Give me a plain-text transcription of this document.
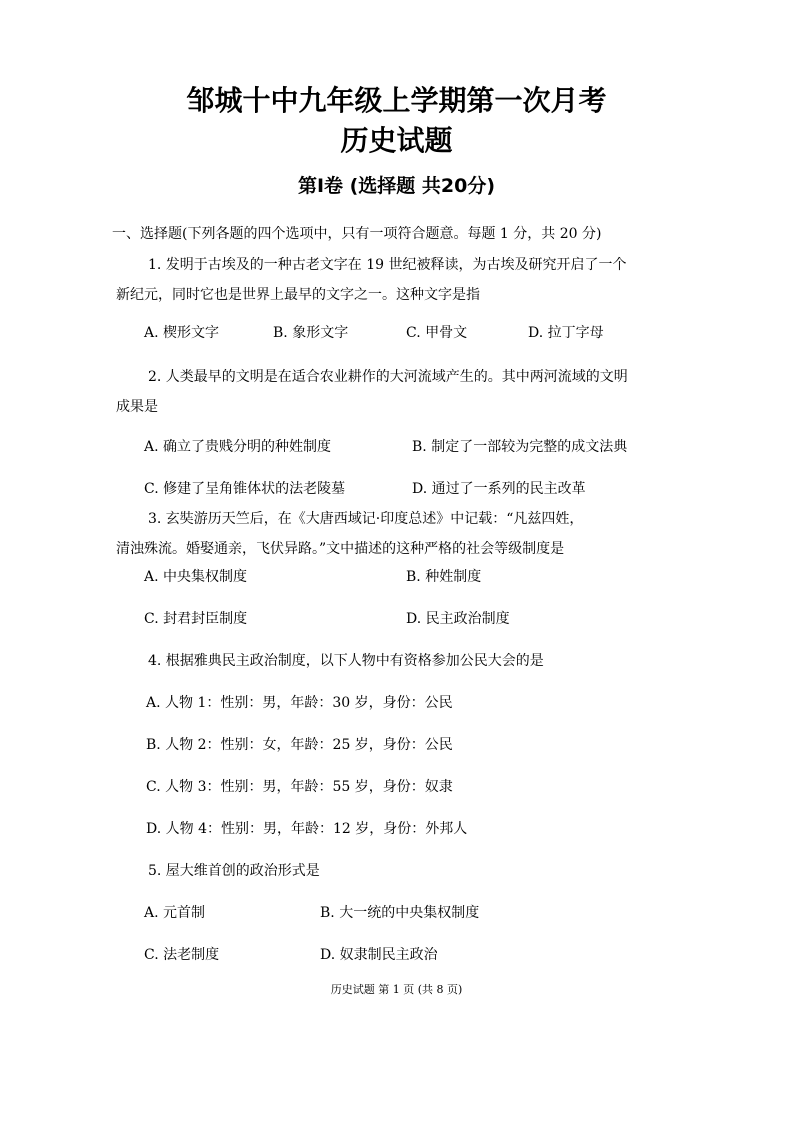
邹城十中九年级上学期第一次月考
历史试题
第Ⅰ卷 (选择题 共20分)
一、选择题(下列各题的四个选项中，只有一项符合题意。每题 1 分，共 20 分)
1. 发明于古埃及的一种古老文字在 19 世纪被释读，为古埃及研究开启了一个
新纪元，同时它也是世界上最早的文字之一。这种文字是指
A. 楔形文字	B. 象形文字	C. 甲骨文	D. 拉丁字母
2. 人类最早的文明是在适合农业耕作的大河流域产生的。其中两河流域的文明
成果是
A. 确立了贵贱分明的种姓制度	B. 制定了一部较为完整的成文法典
C. 修建了呈角锥体状的法老陵墓	D. 通过了一系列的民主改革
3. 玄奘游历天竺后，在《大唐西域记·印度总述》中记载：“凡兹四姓，
清浊殊流。婚娶通亲，飞伏异路。”文中描述的这种严格的社会等级制度是
A. 中央集权制度	B. 种姓制度
C. 封君封臣制度	D. 民主政治制度
4. 根据雅典民主政治制度，以下人物中有资格参加公民大会的是
A. 人物 1：性别：男，年龄：30 岁，身份：公民
B. 人物 2：性别：女，年龄：25 岁，身份：公民
C. 人物 3：性别：男，年龄：55 岁，身份：奴隶
D. 人物 4：性别：男，年龄：12 岁，身份：外邦人
5. 屋大维首创的政治形式是
A. 元首制	B. 大一统的中央集权制度
C. 法老制度	D. 奴隶制民主政治
历史试题 第 1 页 (共 8 页)
